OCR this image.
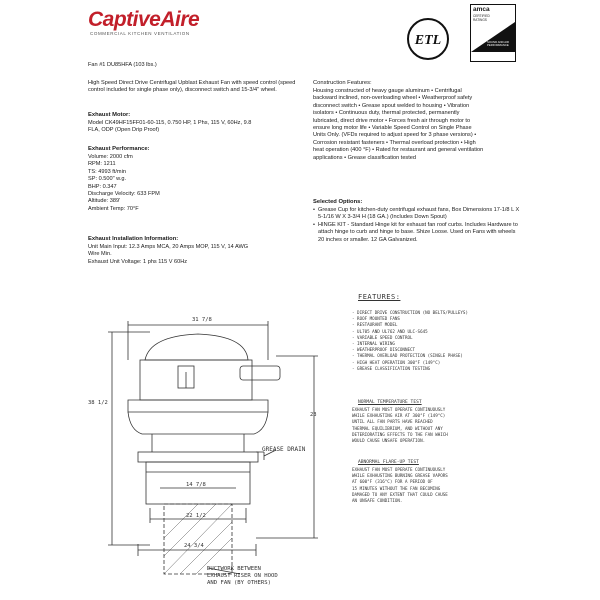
CaptiveAire
COMMERCIAL KITCHEN VENTILATION	ETL
amca
CERTIFIED
RATINGS
SOUND AND AIR PERFORMANCE
Fan #1 DU85HFA (103 lbs.)
High Speed Direct Drive Centrifugal Upblast Exhaust Fan with speed control (speed control included for single phase only), disconnect switch and 15-3/4" wheel.
Exhaust Motor:
Model CK49HF15FF01-60-115, 0.750 HP, 1 Phs, 115 V, 60Hz, 9.8
FLA, ODP (Open Drip Proof)
Exhaust Performance:
Volume: 2000 cfm
RPM: 1211
TS: 4993 ft/min
SP: 0.500" w.g.
BHP: 0.347
Discharge Velocity: 633 FPM
Altitude: 389'
Ambient Temp: 70°F
Exhaust Installation Information:
Unit Main Input: 12.3 Amps MCA, 20 Amps MOP, 115 V, 14 AWG
Wire Min.
Exhaust Unit Voltage: 1 phs 115 V 60Hz
Construction Features:
Housing constructed of heavy gauge aluminum • Centrifugal
backward inclined, non-overloading wheel • Weatherproof safety
disconnect switch • Grease spout welded to housing • Vibration
isolators • Continuous duty, thermal protected, permanently
lubricated, direct drive motor • Forces fresh air through motor to
ensure long motor life • Variable Speed Control on Single Phase
Units Only. (VFDs required to adjust speed for 3 phase versions) •
Corrosion resistant fasteners • Thermal overload protection • High
heat operation (400 °F) • Rated for restaurant and general ventilation
applications • Grease classification tested
Selected Options:
• Grease Cup for kitchen-duty centrifugal exhaust fans, Box Dimensions 17-1/8 L X 5-1/16 W X 3-3/4 H (18 GA.) (Includes Down Spout)
• HINGE KIT - Standard Hinge kit for exhaust fan roof curbs. Includes Hardware to attach hinge to curb and hinge to base. Shize Loose. Used on Fans with wheels 20 inches or smaller. 12 GA Galvanized.
31 7/8
38 1/2
23
14 7/8
22 1/2
24 3/4
GREASE DRAIN
DUCTWORK BETWEEN
EXHAUST RISER ON HOOD
AND FAN (BY OTHERS)
FEATURES:
- DIRECT DRIVE CONSTRUCTION (NO BELTS/PULLEYS)
- ROOF MOUNTED FANS
- RESTAURANT MODEL
- UL705 AND UL762 AND ULC-S645
- VARIABLE SPEED CONTROL
- INTERNAL WIRING
- WEATHERPROOF DISCONNECT
- THERMAL OVERLOAD PROTECTION (SINGLE PHASE)
- HIGH HEAT OPERATION 300°F (149°C)
- GREASE CLASSIFICATION TESTING
NORMAL TEMPERATURE TEST
EXHAUST FAN MUST OPERATE CONTINUOUSLY
WHILE EXHAUSTING AIR AT 300°F (149°C)
UNTIL ALL FAN PARTS HAVE REACHED
THERMAL EQUILIBRIUM, AND WITHOUT ANY
DETERIORATING EFFECTS TO THE FAN WHICH
WOULD CAUSE UNSAFE OPERATION.
ABNORMAL FLARE-UP TEST
EXHAUST FAN MUST OPERATE CONTINUOUSLY
WHILE EXHAUSTING BURNING GREASE VAPORS
AT 600°F (316°C) FOR A PERIOD OF
15 MINUTES WITHOUT THE FAN BECOMING
DAMAGED TO ANY EXTENT THAT COULD CAUSE
AN UNSAFE CONDITION.
